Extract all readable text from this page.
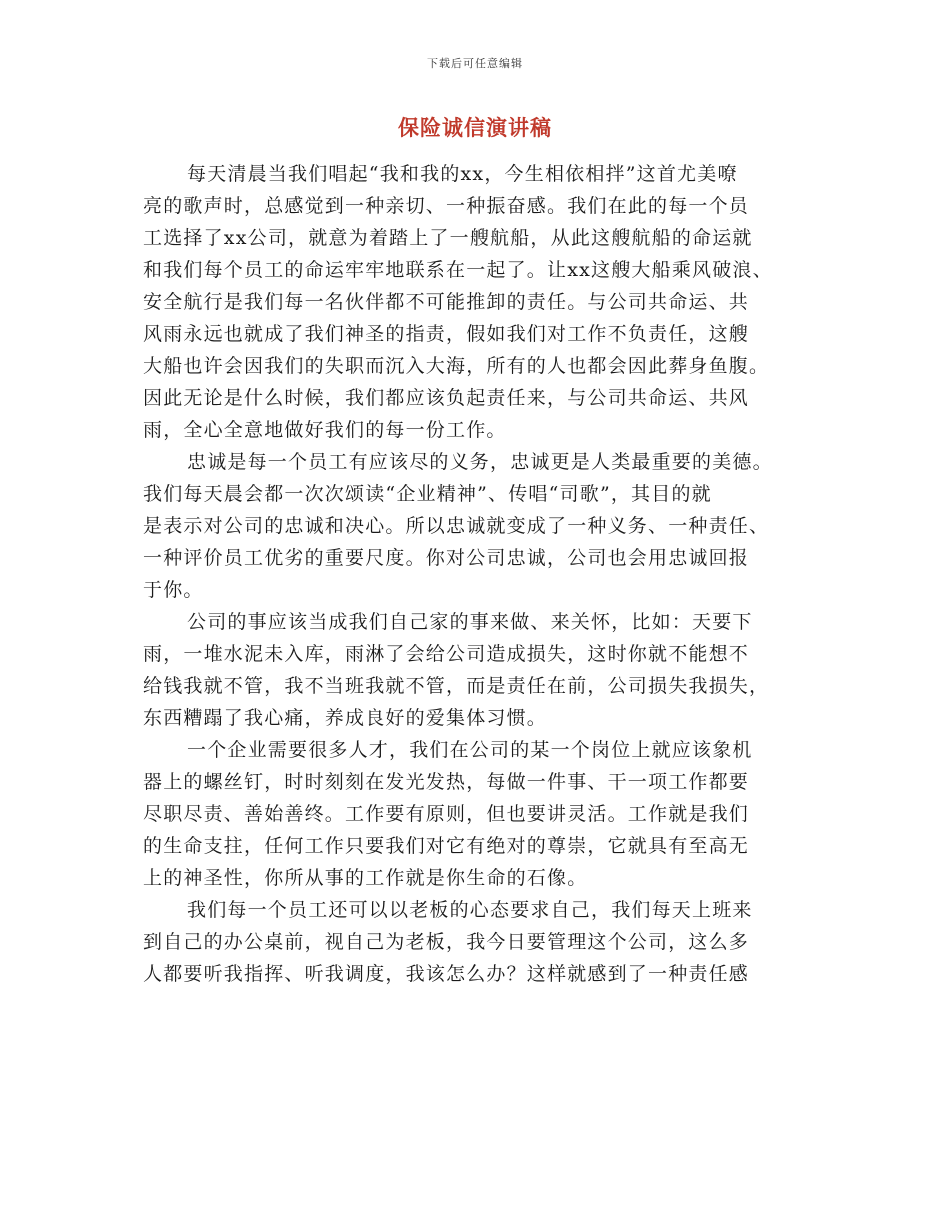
下载后可任意编辑
保险诚信演讲稿
每天清晨当我们唱起“我和我的xx，今生相依相拌”这首尤美嘹
亮的歌声时，总感觉到一种亲切、一种振奋感。我们在此的每一个员
工选择了xx公司，就意为着踏上了一艘航船，从此这艘航船的命运就
和我们每个员工的命运牢牢地联系在一起了。让xx这艘大船乘风破浪、
安全航行是我们每一名伙伴都不可能推卸的责任。与公司共命运、共
风雨永远也就成了我们神圣的指责，假如我们对工作不负责任，这艘
大船也许会因我们的失职而沉入大海，所有的人也都会因此葬身鱼腹。
因此无论是什么时候，我们都应该负起责任来，与公司共命运、共风
雨，全心全意地做好我们的每一份工作。
忠诚是每一个员工有应该尽的义务，忠诚更是人类最重要的美德。
我们每天晨会都一次次颂读“企业精神”、传唱“司歌”，其目的就
是表示对公司的忠诚和决心。所以忠诚就变成了一种义务、一种责任、
一种评价员工优劣的重要尺度。你对公司忠诚，公司也会用忠诚回报
于你。
公司的事应该当成我们自己家的事来做、来关怀，比如：天要下
雨，一堆水泥未入库，雨淋了会给公司造成损失，这时你就不能想不
给钱我就不管，我不当班我就不管，而是责任在前，公司损失我损失，
东西糟蹋了我心痛，养成良好的爱集体习惯。
一个企业需要很多人才，我们在公司的某一个岗位上就应该象机
器上的螺丝钉，时时刻刻在发光发热，每做一件事、干一项工作都要
尽职尽责、善始善终。工作要有原则，但也要讲灵活。工作就是我们
的生命支拄，任何工作只要我们对它有绝对的尊崇，它就具有至高无
上的神圣性，你所从事的工作就是你生命的石像。
我们每一个员工还可以以老板的心态要求自己，我们每天上班来
到自己的办公桌前，视自己为老板，我今日要管理这个公司，这么多
人都要听我指挥、听我调度，我该怎么办？这样就感到了一种责任感
